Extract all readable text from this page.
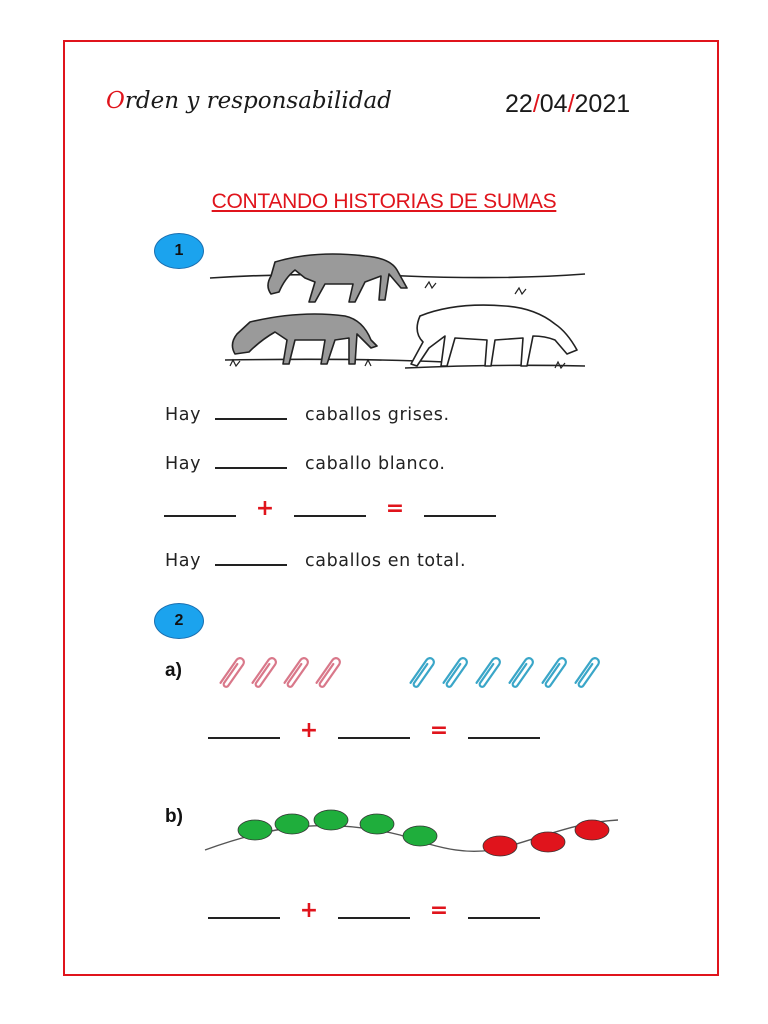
Orden y responsabilidad	22/04/2021
CONTANDO HISTORIAS DE SUMAS
1
Hay	caballos grises.
Hay	caballo blanco.
+	=
Hay	caballos en total.
2
a)
+	=
b)
+	=
